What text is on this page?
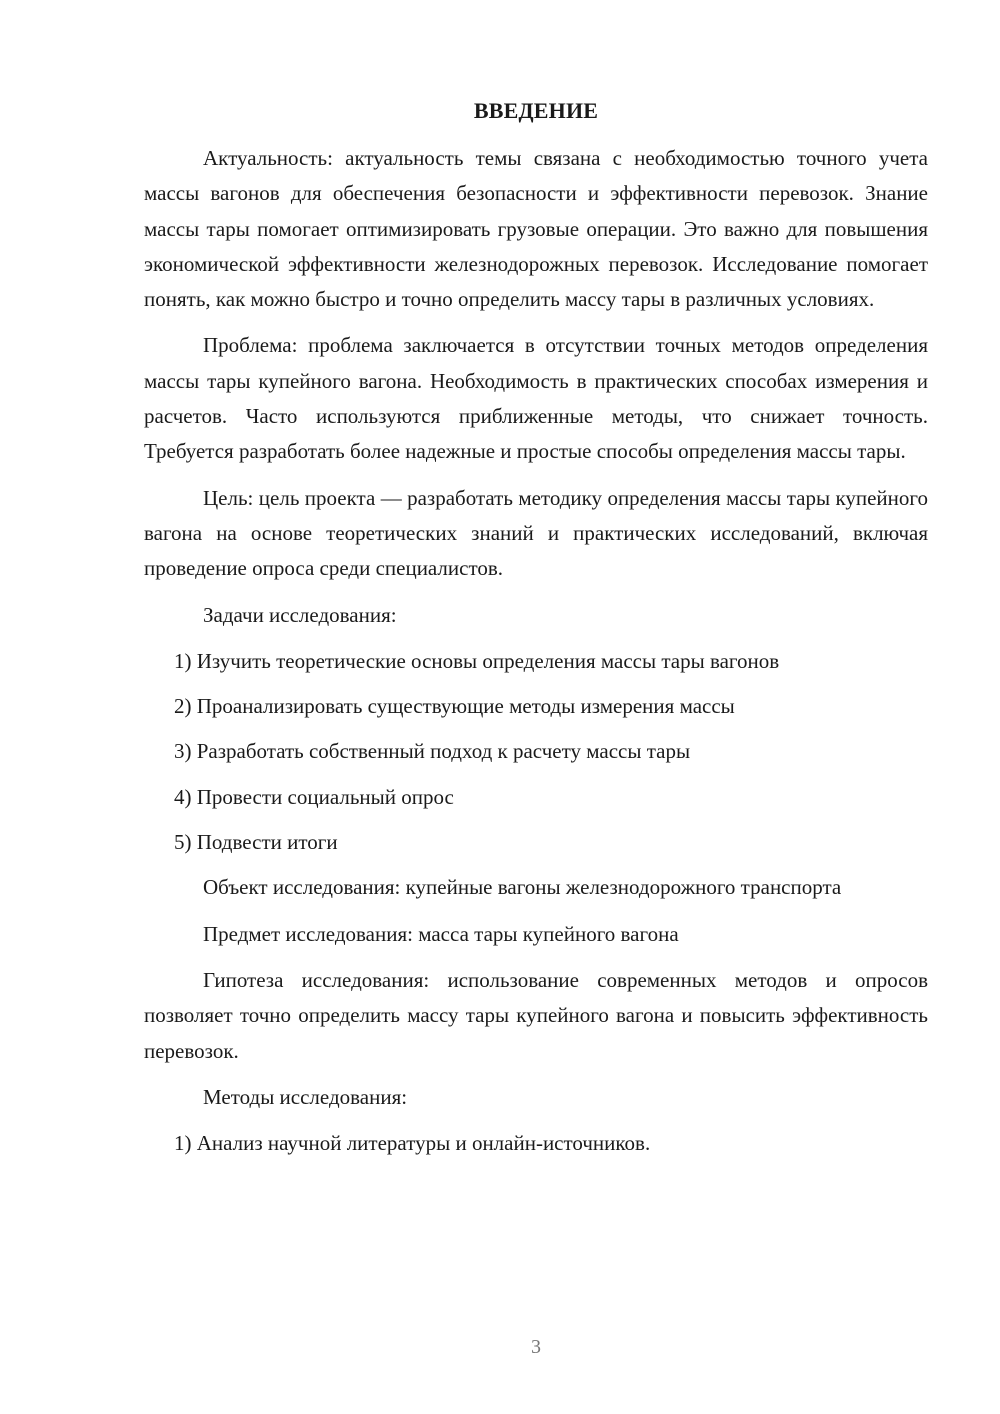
ВВЕДЕНИЕ

Актуальность: актуальность темы связана с необходимостью точного учета массы вагонов для обеспечения безопасности и эффективности перевозок. Знание массы тары помогает оптимизировать грузовые операции. Это важно для повышения экономической эффективности железнодорожных перевозок. Исследование помогает понять, как можно быстро и точно определить массу тары в различных условиях.

Проблема: проблема заключается в отсутствии точных методов определения массы тары купейного вагона. Необходимость в практических способах измерения и расчетов. Часто используются приближенные методы, что снижает точность. Требуется разработать более надежные и простые способы определения массы тары.

Цель: цель проекта — разработать методику определения массы тары купейного вагона на основе теоретических знаний и практических исследований, включая проведение опроса среди специалистов.

Задачи исследования:

1) Изучить теоретические основы определения массы тары вагонов
2) Проанализировать существующие методы измерения массы
3) Разработать собственный подход к расчету массы тары
4) Провести социальный опрос
5) Подвести итоги

Объект исследования: купейные вагоны железнодорожного транспорта

Предмет исследования: масса тары купейного вагона

Гипотеза исследования: использование современных методов и опросов позволяет точно определить массу тары купейного вагона и повысить эффективность перевозок.

Методы исследования:

1) Анализ научной литературы и онлайн-источников.
3
